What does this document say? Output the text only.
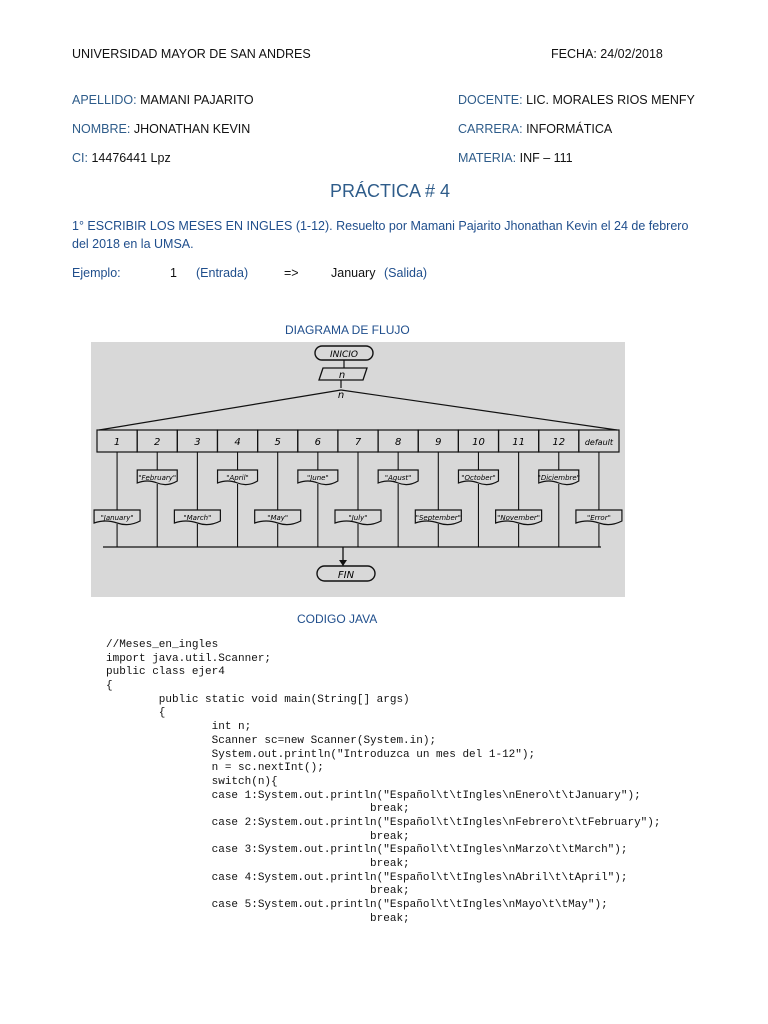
UNIVERSIDAD MAYOR DE SAN ANDRES	FECHA: 24/02/2018
APELLIDO: MAMANI PAJARITO
NOMBRE: JHONATHAN KEVIN
CI: 14476441 Lpz
DOCENTE: LIC. MORALES RIOS MENFY
CARRERA: INFORMÁTICA
MATERIA: INF – 111
PRÁCTICA # 4
1° ESCRIBIR LOS MESES EN INGLES (1-12). Resuelto por Mamani Pajarito Jhonathan Kevin el 24 de febrero
del 2018 en la UMSA.
Ejemplo:	1 (Entrada)	=>	January (Salida)
DIAGRAMA DE FLUJO
INICIO
n
n
1	2	3	4	5	6	7	8	9	10	11	12 default
"January"
"February"
"March"
"April"
"May"
"June"
"July"
"Agust"
"September"
"October"
"November"
"Diciembre"
"Error"
FIN
CODIGO JAVA
//Meses_en_ingles
import java.util.Scanner;
public class ejer4
{
public static void main(String[] args)
{
int n;
Scanner sc=new Scanner(System.in);
System.out.println("Introduzca un mes del 1-12");
n = sc.nextInt();
switch(n){
case 1:System.out.println("Español\t\tIngles\nEnero\t\tJanuary");
break;
case 2:System.out.println("Español\t\tIngles\nFebrero\t\tFebruary");
break;
case 3:System.out.println("Español\t\tIngles\nMarzo\t\tMarch");
break;
case 4:System.out.println("Español\t\tIngles\nAbril\t\tApril");
break;
case 5:System.out.println("Español\t\tIngles\nMayo\t\tMay");
break;
